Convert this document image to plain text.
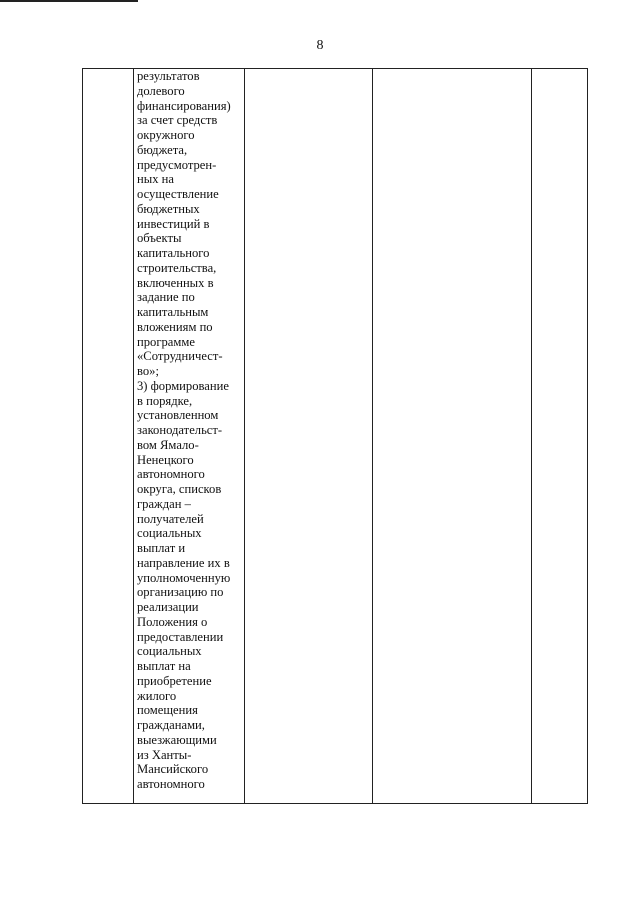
8

результатов
долевого
финансирования)
за счет средств
окружного
бюджета,
предусмотрен-
ных на
осуществление
бюджетных
инвестиций в
объекты
капитального
строительства,
включенных в
задание по
капитальным
вложениям по
программе
«Сотрудничест-
во»;
3) формирование
в порядке,
установленном
законодательст-
вом Ямало-
Ненецкого
автономного
округа, списков
граждан –
получателей
социальных
выплат и
направление их в
уполномоченную
организацию по
реализации
Положения о
предоставлении
социальных
выплат на
приобретение
жилого
помещения
гражданами,
выезжающими
из Ханты-
Мансийского
автономного
